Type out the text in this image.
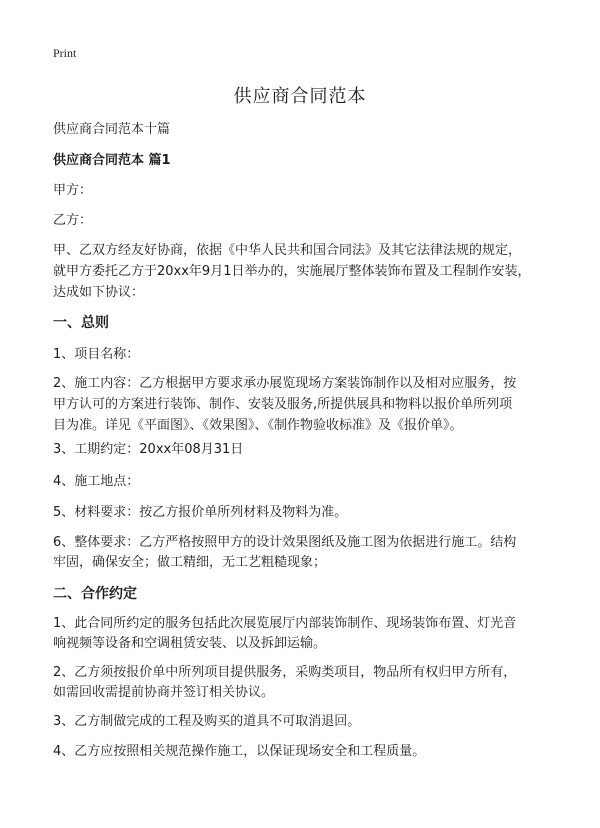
Print
供应商合同范本

供应商合同范本十篇

供应商合同范本 篇1

甲方：

乙方：

甲、乙双方经友好协商，依据《中华人民共和国合同法》及其它法律法规的规定，

就甲方委托乙方于20xx年9月1日举办的，实施展厅整体装饰布置及工程制作安装，

达成如下协议：

一、总则

1、项目名称：

2、施工内容：乙方根据甲方要求承办展览现场方案装饰制作以及相对应服务，按

甲方认可的方案进行装饰、制作、安装及服务,所提供展具和物料以报价单所列项

目为准。详见《平面图》、《效果图》、《制作物验收标准》及《报价单》。

3、工期约定：20xx年08月31日

4、施工地点：

5、材料要求：按乙方报价单所列材料及物料为准。

6、整体要求：乙方严格按照甲方的设计效果图纸及施工图为依据进行施工。结构

牢固，确保安全；做工精细，无工艺粗糙现象；

二、合作约定

1、此合同所约定的服务包括此次展览展厅内部装饰制作、现场装饰布置、灯光音

响视频等设备和空调租赁安装、以及拆卸运输。

2、乙方须按报价单中所列项目提供服务，采购类项目，物品所有权归甲方所有，

如需回收需提前协商并签订相关协议。

3、乙方制做完成的工程及购买的道具不可取消退回。

4、乙方应按照相关规范操作施工，以保证现场安全和工程质量。
